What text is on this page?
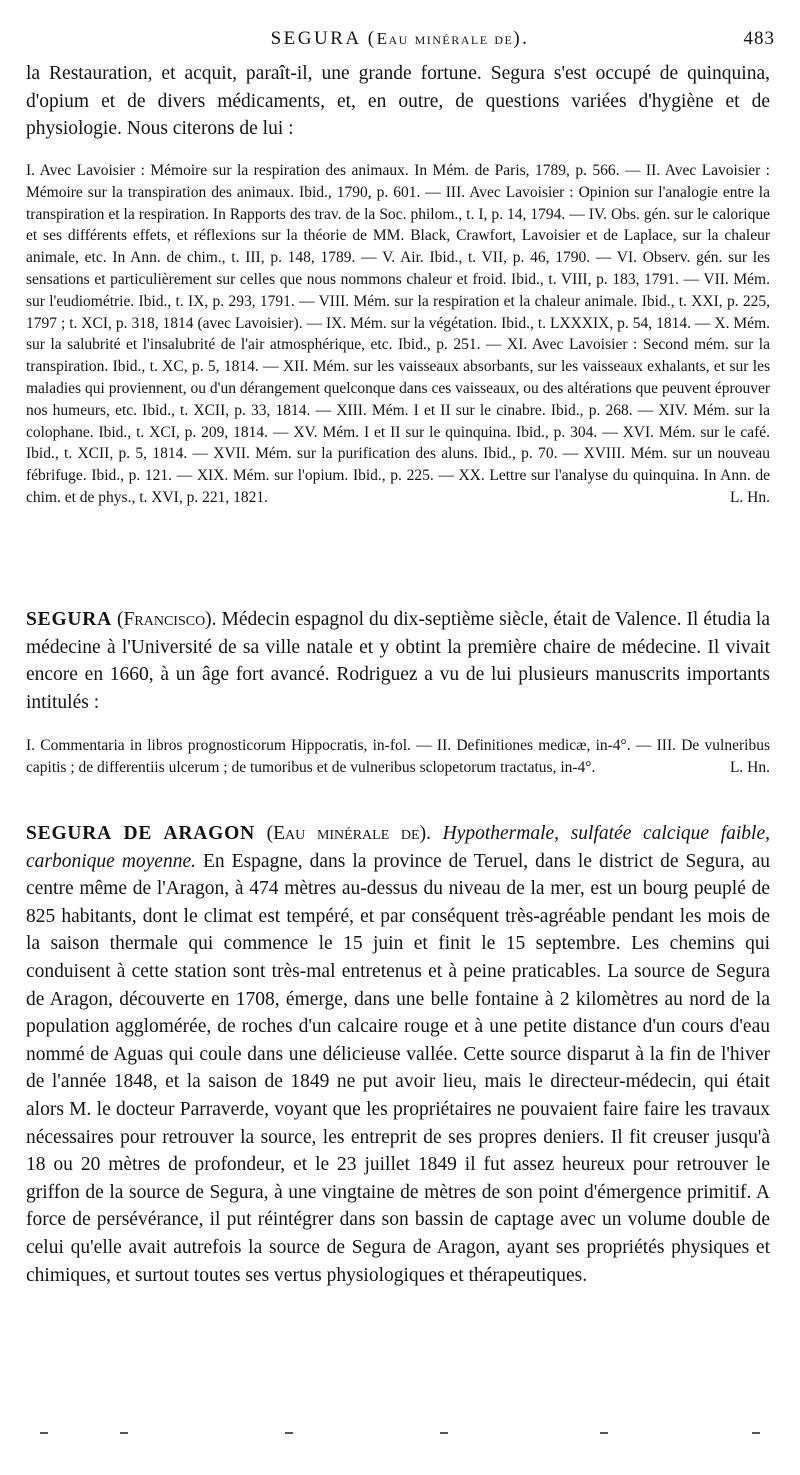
SEGURA (Eau minérale de).	483

la Restauration, et acquit, paraît-il, une grande fortune. Segura s'est occupé de quinquina, d'opium et de divers médicaments, et, en outre, de questions variées d'hygiène et de physiologie. Nous citerons de lui :

I. Avec Lavoisier : Mémoire sur la respiration des animaux. In Mém. de Paris, 1789, p. 566. — II. Avec Lavoisier : Mémoire sur la transpiration des animaux. Ibid., 1790, p. 601. — III. Avec Lavoisier : Opinion sur l'analogie entre la transpiration et la respiration. In Rapports des trav. de la Soc. philom., t. I, p. 14, 1794. — IV. Obs. gén. sur le calorique et ses différents effets, et réflexions sur la théorie de MM. Black, Crawfort, Lavoisier et de Laplace, sur la chaleur animale, etc. In Ann. de chim., t. III, p. 148, 1789. — V. Air. Ibid., t. VII, p. 46, 1790. — VI. Observ. gén. sur les sensations et particulièrement sur celles que nous nommons chaleur et froid. Ibid., t. VIII, p. 183, 1791. — VII. Mém. sur l'eudiométrie. Ibid., t. IX, p. 293, 1791. — VIII. Mém. sur la respiration et la chaleur animale. Ibid., t. XXI, p. 225, 1797 ; t. XCI, p. 318, 1814 (avec Lavoisier). — IX. Mém. sur la végétation. Ibid., t. LXXXIX, p. 54, 1814. — X. Mém. sur la salubrité et l'insalubrité de l'air atmosphérique, etc. Ibid., p. 251. — XI. Avec Lavoisier : Second mém. sur la transpiration. Ibid., t. XC, p. 5, 1814. — XII. Mém. sur les vaisseaux absorbants, sur les vaisseaux exhalants, et sur les maladies qui proviennent, ou d'un dérangement quelconque dans ces vaisseaux, ou des altérations que peuvent éprouver nos humeurs, etc. Ibid., t. XCII, p. 33, 1814. — XIII. Mém. I et II sur le cinabre. Ibid., p. 268. — XIV. Mém. sur la colophane. Ibid., t. XCI, p. 209, 1814. — XV. Mém. I et II sur le quinquina. Ibid., p. 304. — XVI. Mém. sur le café. Ibid., t. XCII, p. 5, 1814. — XVII. Mém. sur la purification des aluns. Ibid., p. 70. — XVIII. Mém. sur un nouveau fébrifuge. Ibid., p. 121. — XIX. Mém. sur l'opium. Ibid., p. 225. — XX. Lettre sur l'analyse du quinquina. In Ann. de chim. et de phys., t. XVI, p. 221, 1821.	L. Hn.

SEGURA (Francisco). Médecin espagnol du dix-septième siècle, était de Valence. Il étudia la médecine à l'Université de sa ville natale et y obtint la première chaire de médecine. Il vivait encore en 1660, à un âge fort avancé. Rodriguez a vu de lui plusieurs manuscrits importants intitulés :

I. Commentaria in libros prognosticorum Hippocratis, in-fol. — II. Definitiones medicæ, in-4°. — III. De vulneribus capitis ; de differentiis ulcerum ; de tumoribus et de vulneribus sclopetorum tractatus, in-4°.	L. Hn.

SEGURA DE ARAGON (Eau minérale de). Hypothermale, sulfatée calcique faible, carbonique moyenne. En Espagne, dans la province de Teruel, dans le district de Segura, au centre même de l'Aragon, à 474 mètres au-dessus du niveau de la mer, est un bourg peuplé de 825 habitants, dont le climat est tempéré, et par conséquent très-agréable pendant les mois de la saison thermale qui commence le 15 juin et finit le 15 septembre. Les chemins qui conduisent à cette station sont très-mal entretenus et à peine praticables. La source de Segura de Aragon, découverte en 1708, émerge, dans une belle fontaine à 2 kilomètres au nord de la population agglomérée, de roches d'un calcaire rouge et à une petite distance d'un cours d'eau nommé de Aguas qui coule dans une délicieuse vallée. Cette source disparut à la fin de l'hiver de l'année 1848, et la saison de 1849 ne put avoir lieu, mais le directeur-médecin, qui était alors M. le docteur Parraverde, voyant que les propriétaires ne pouvaient faire faire les travaux nécessaires pour retrouver la source, les entreprit de ses propres deniers. Il fit creuser jusqu'à 18 ou 20 mètres de profondeur, et le 23 juillet 1849 il fut assez heureux pour retrouver le griffon de la source de Segura, à une vingtaine de mètres de son point d'émergence primitif. A force de persévérance, il put réintégrer dans son bassin de captage avec un volume double de celui qu'elle avait autrefois la source de Segura de Aragon, ayant ses propriétés physiques et chimiques, et surtout toutes ses vertus physiologiques et thérapeutiques.
